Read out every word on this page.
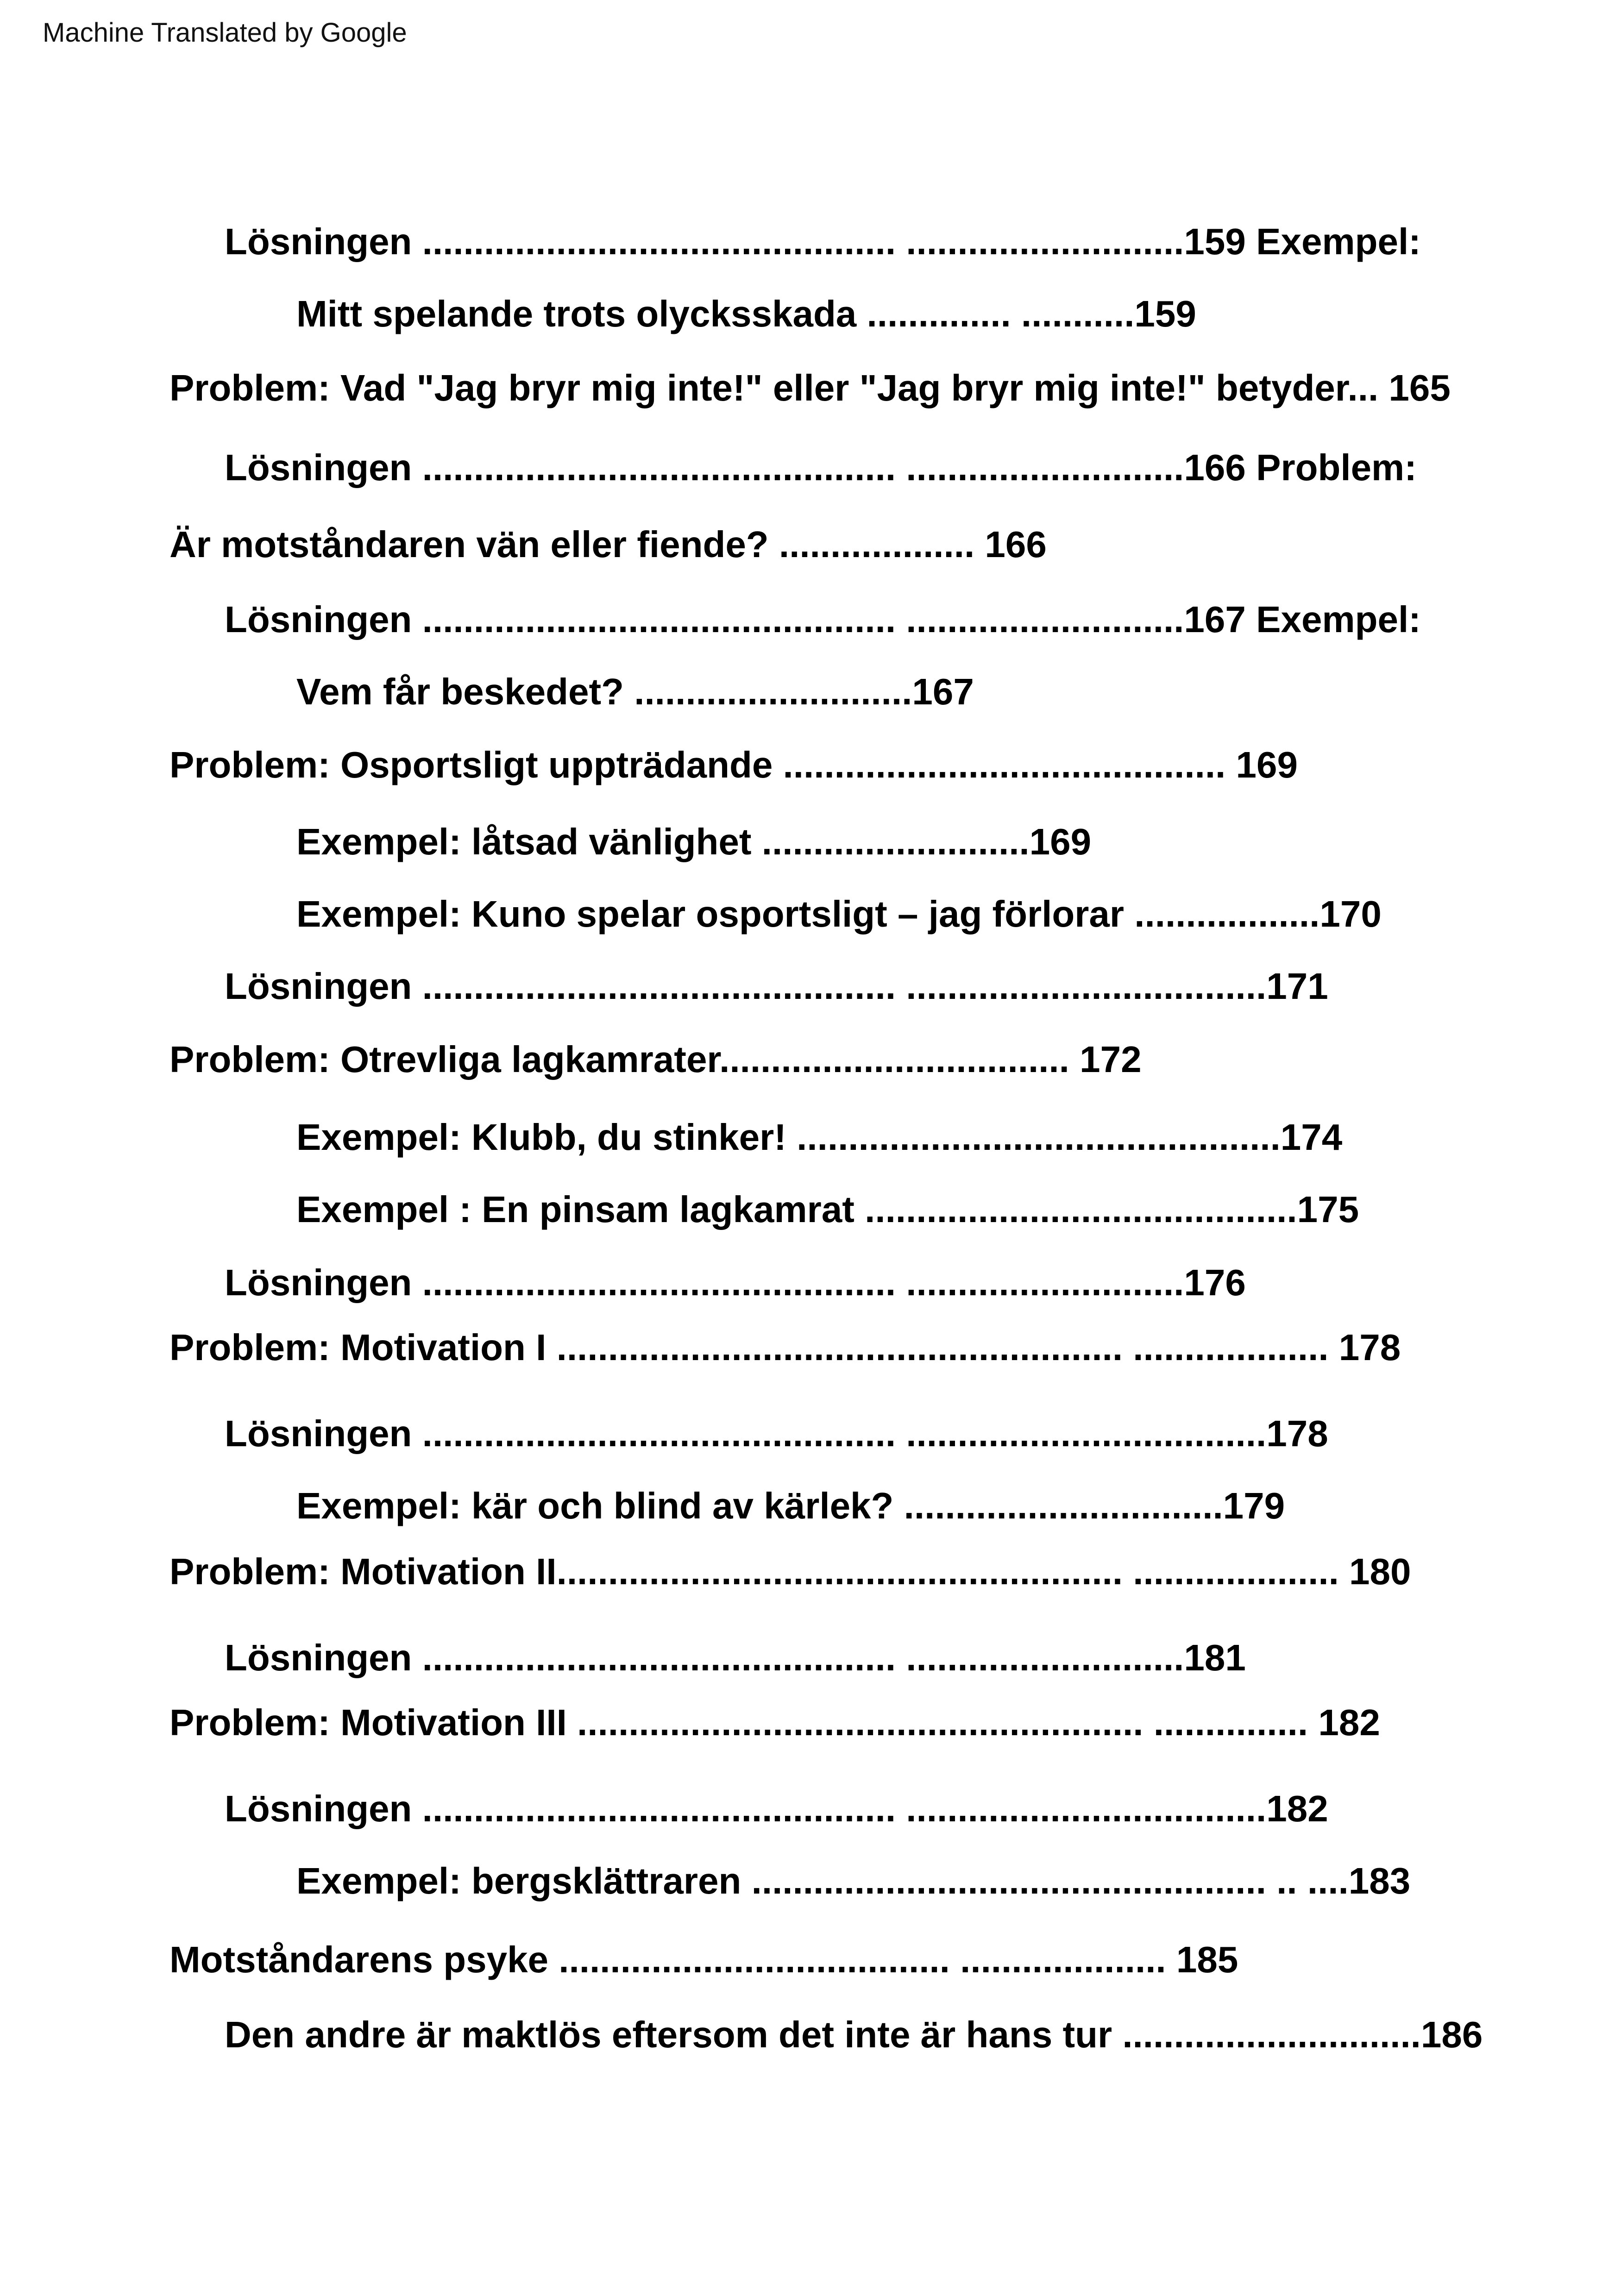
Machine Translated by Google
Lösningen .............................................. ...........................159 Exempel:
Mitt spelande trots olycksskada .............. ...........159
Problem: Vad "Jag bryr mig inte!" eller "Jag bryr mig inte!" betyder... 165
Lösningen .............................................. ...........................166 Problem:
Är motståndaren vän eller fiende? ................... 166
Lösningen .............................................. ...........................167 Exempel:
Vem får beskedet? ...........................167
Problem: Osportsligt uppträdande ........................................... 169
Exempel: låtsad vänlighet ..........................169
Exempel: Kuno spelar osportsligt – jag förlorar ..................170
Lösningen .............................................. ...................................171
Problem: Otrevliga lagkamrater.................................. 172
Exempel: Klubb, du stinker! ...............................................174
Exempel : En pinsam lagkamrat ..........................................175
Lösningen .............................................. ...........................176
Problem: Motivation I ....................................................... ................... 178
Lösningen .............................................. ...................................178
Exempel: kär och blind av kärlek? ...............................179
Problem: Motivation II....................................................... .................... 180
Lösningen .............................................. ...........................181
Problem: Motivation III ....................................................... ............... 182
Lösningen .............................................. ...................................182
Exempel: bergsklättraren .................................................. .. ....183
Motståndarens psyke ...................................... .................... 185
Den andre är maktlös eftersom det inte är hans tur .............................186
